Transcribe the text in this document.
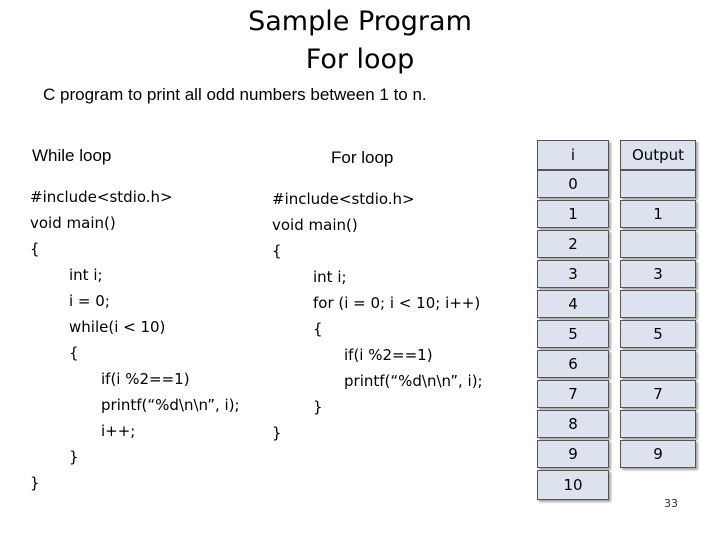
Sample Program
For loop
C program to print all odd numbers between 1 to n.
While loop	For loop
#include<stdio.h>
void main()
{
int i;
i = 0;
while(i < 10)
{
if(i %2==1)
printf(“%d\n\n”, i);
i++;
}
}
#include<stdio.h>
void main()
{
int i;
for (i = 0; i < 10; i++)
{
if(i %2==1)
printf(“%d\n\n”, i);
}
}
i	Output
0
1
2
3
4
5
6
7
8
9
10
1
3
5
7
9
33
